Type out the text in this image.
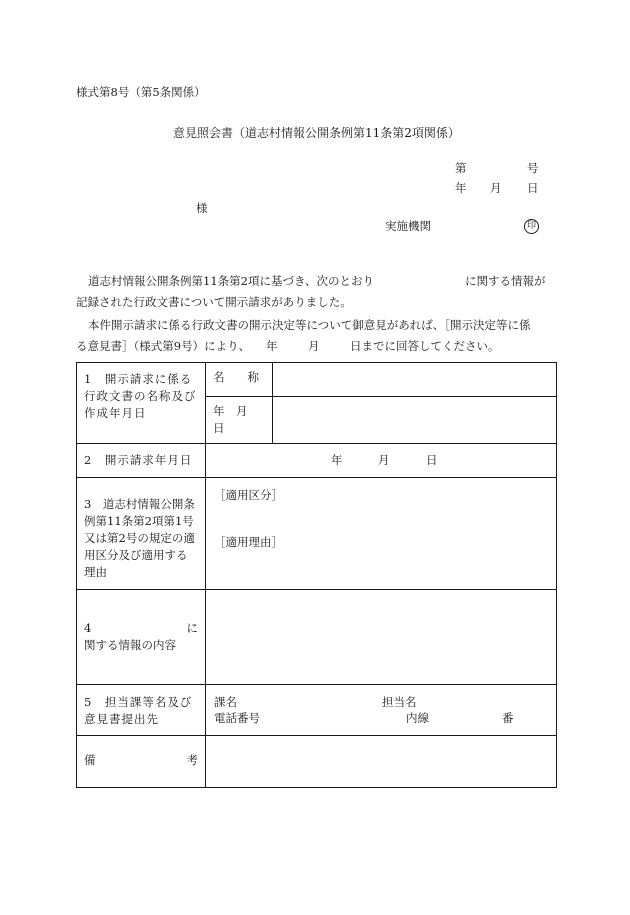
様式第8号（第5条関係）
意見照会書（道志村情報公開条例第11条第2項関係）
第	号
年 月 日
様
実施機関	印
道志村情報公開条例第11条第2項に基づき、次のとおり	に関する情報が
記録された行政文書について開示請求がありました。
本件開示請求に係る行政文書の開示決定等について御意見があれば、［開示決定等に係
る意見書］（様式第9号）により、 年	月	日までに回答してください。
1　開示請求に係る行政文書の名称及び作成年月日	名　　称	

	年　月　日	

2　開示請求年月日	年 月 日	

3　道志村情報公開条例第11条第2項第1号又は第2号の規定の適用区分及び適用する理由	［適用区分］
［適用理由］	

4 に
関する情報の内容		

5　担当課等名及び意見書提出先	課名 担当名
電話番号 内線 番	

備 考		
